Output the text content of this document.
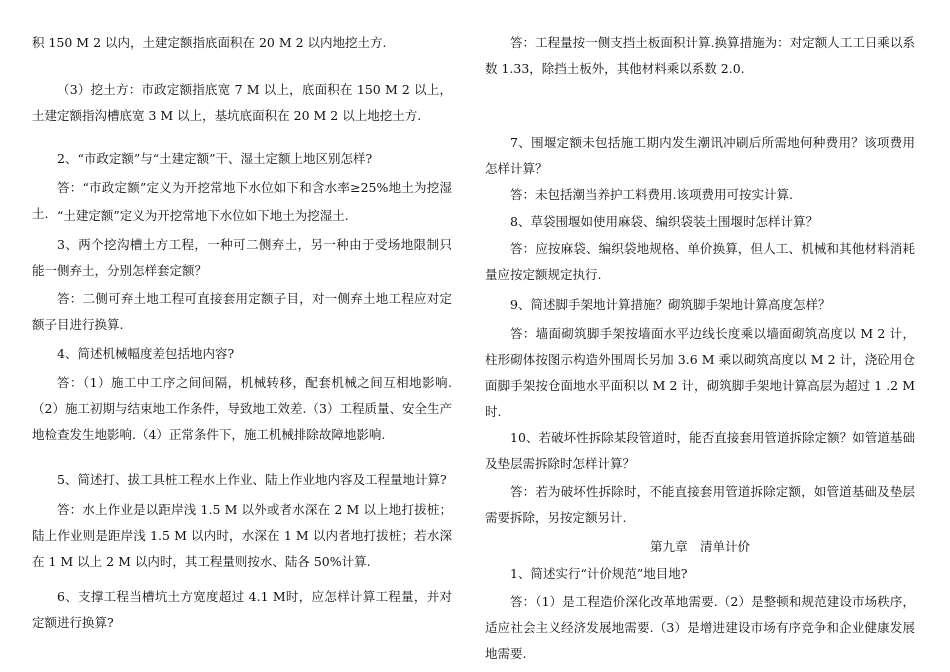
积 150 M 2 以内，土建定额指底面积在 20 M 2 以内地挖土方.
（3）挖土方：市政定额指底宽 7 M 以上，底面积在 150 M 2 以上，土建定额指沟槽底宽 3 M 以上，基坑底面积在 20 M 2 以上地挖土方.
2、“市政定额”与“土建定额”干、湿土定额上地区别怎样?
答：“市政定额”定义为开挖常地下水位如下和含水率≥25%地土为挖湿土. “土建定额”定义为开挖常地下水位如下地土为挖湿土.
3、两个挖沟槽土方工程，一种可二侧弃土，另一种由于受场地限制只能一侧弃土，分别怎样套定额？
答：二侧可弃土地工程可直接套用定额子目，对一侧弃土地工程应对定额子目进行换算.
4、简述机械幅度差包括地内容?
答：（1）施工中工序之间间隔，机械转移，配套机械之间互相地影响.（2）施工初期与结束地工作条件，导致地工效差.（3）工程质量、安全生产地检查发生地影响.（4）正常条件下，施工机械排除故障地影响.
5、简述打、拔工具桩工程水上作业、陆上作业地内容及工程量地计算?
答：水上作业是以距岸浅 1.5 M 以外或者水深在 2 M 以上地打拔桩；陆上作业则是距岸浅 1.5 M 以内时，水深在 1 M 以内者地打拔桩；若水深在 1 M 以上 2 M 以内时，其工程量则按水、陆各 50%计算.
6、支撑工程当槽坑土方宽度超过 4.1 M时，应怎样计算工程量，并对定额进行换算?
答：工程量按一侧支挡土板面积计算.换算措施为：对定额人工工日乘以系数 1.33，除挡土板外，其他材料乘以系数 2.0.
7、围堰定额未包括施工期内发生潮讯冲刷后所需地何种费用？该项费用怎样计算？
答：未包括潮当养护工料费用.该项费用可按实计算.
8、草袋围堰如使用麻袋、编织袋装土围堰时怎样计算？
答：应按麻袋、编织袋地规格、单价换算，但人工、机械和其他材料消耗量应按定额规定执行.
9、简述脚手架地计算措施？砌筑脚手架地计算高度怎样？
答：墙面砌筑脚手架按墙面水平边线长度乘以墙面砌筑高度以 M 2 计，柱形砌体按图示构造外围周长另加 3.6 M 乘以砌筑高度以 M 2 计，浇砼用仓面脚手架按仓面地水平面积以 M 2 计，砌筑脚手架地计算高层为超过 1 .2 M 时.
10、若破坏性拆除某段管道时，能否直接套用管道拆除定额？如管道基础及垫层需拆除时怎样计算？
答：若为破坏性拆除时，不能直接套用管道拆除定额，如管道基础及垫层需要拆除，另按定额另计.
第九章　清单计价
1、简述实行“计价规范”地目地?
答：（1）是工程造价深化改革地需要.（2）是整顿和规范建设市场秩序，适应社会主义经济发展地需要.（3）是增进建设市场有序竞争和企业健康发展地需要.
